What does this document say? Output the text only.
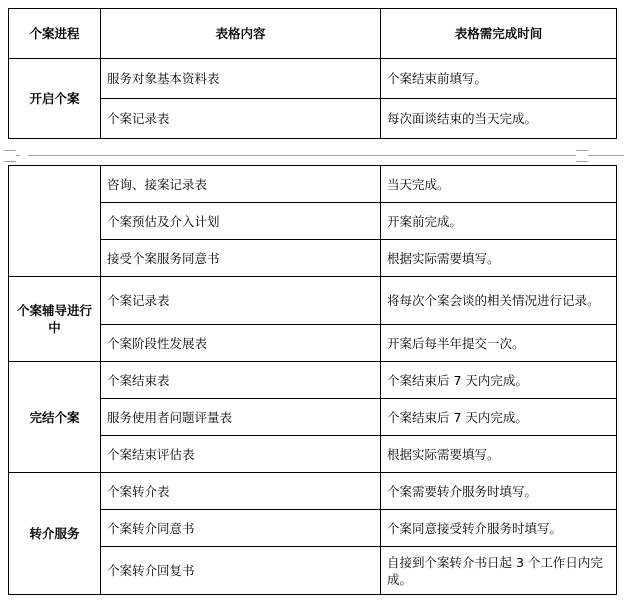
个案进程	表格内容	表格需完成时间
开启个案	服务对象基本资料表	个案结束前填写。
	个案记录表	每次面谈结束的当天完成。
	咨询、接案记录表	当天完成。
	个案预估及介入计划	开案前完成。
	接受个案服务同意书	根据实际需要填写。
个案辅导进行中	个案记录表	将每次个案会谈的相关情况进行记录。
	个案阶段性发展表	开案后每半年提交一次。
完结个案	个案结束表	个案结束后 7 天内完成。
	服务使用者问题评量表	个案结束后 7 天内完成。
	个案结束评估表	根据实际需要填写。
转介服务	个案转介表	个案需要转介服务时填写。
	个案转介同意书	个案同意接受转介服务时填写。
	个案转介回复书	自接到个案转介书日起 3 个工作日内完成。
